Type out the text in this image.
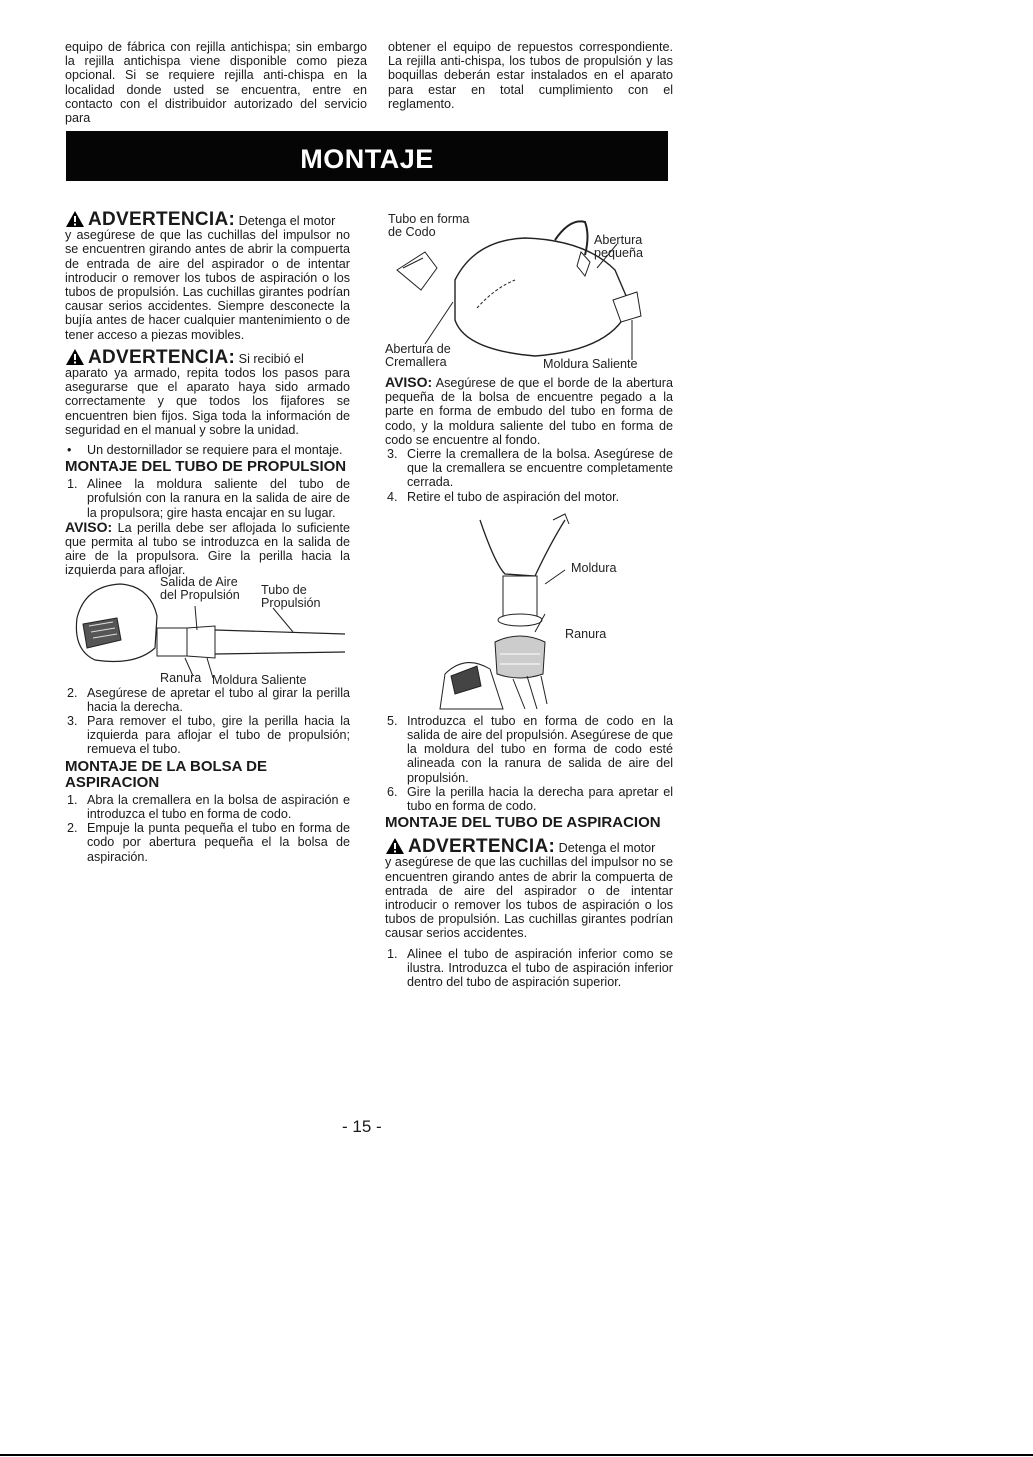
equipo de fábrica con rejilla antichispa; sin embargo la rejilla antichispa viene disponible como pieza opcional. Si se requiere rejilla anti-chispa en la localidad donde usted se encuentra, entre en contacto con el distribuidor autorizado del servicio para

obtener el equipo de repuestos correspondiente. La rejilla anti-chispa, los tubos de propulsión y las boquillas deberán estar instalados en el aparato para estar en total cumplimiento con el reglamento.

MONTAJE
ADVERTENCIA: Detenga el motor

y asegúrese de que las cuchillas del impulsor no se encuentren girando antes de abrir la compuerta de entrada de aire del aspirador o de intentar introducir o remover los tubos de aspiración o los tubos de propulsión. Las cuchillas girantes podrían causar serios accidentes. Siempre desconecte la bujía antes de hacer cualquier mantenimiento o de tener acceso a piezas movibles.

ADVERTENCIA: Si recibió el

aparato ya armado, repita todos los pasos para asegurarse que el aparato haya sido armado correctamente y que todos los fijafores se encuentren bien fijos. Siga toda la información de seguridad en el manual y sobre la unidad.

•	Un destornillador se requiere para el montaje.
MONTAJE DEL TUBO DE PROPULSION
1. Alinee la moldura saliente del tubo de profulsión con la ranura en la salida de aire de la propulsora; gire hasta encajar en su lugar.

AVISO: La perilla debe ser aflojada lo suficiente que permita al tubo se introduzca en la salida de aire de la propulsora. Gire la perilla hacia la izquierda para aflojar.

Salida de Aire
del Propulsión Tubo de
Propulsión
Ranura Moldura Saliente
2. Asegúrese de apretar el tubo al girar la perilla hacia la derecha.
3. Para remover el tubo, gire la perilla hacia la izquierda para aflojar el tubo de propulsión; remueva el tubo.
MONTAJE DE LA BOLSA DE ASPIRACION
1. Abra la cremallera en la bolsa de aspiración e introduzca el tubo en forma de codo.
2. Empuje la punta pequeña el tubo en forma de codo por abertura pequeña el la bolsa de aspiración.
Tubo en forma
de Codo
Abertura
pequeña
Abertura de
Cremallera	Moldura Saliente

AVISO: Asegúrese de que el borde de la abertura pequeña de la bolsa de encuentre pegado a la parte en forma de embudo del tubo en forma de codo, y la moldura saliente del tubo en forma de codo se encuentre al fondo.

3. Cierre la cremallera de la bolsa. Asegúrese de que la cremallera se encuentre completamente cerrada.
4. Retire el tubo de aspiración del motor.
Moldura
Ranura
5. Introduzca el tubo en forma de codo en la salida de aire del propulsión. Asegúrese de que la moldura del tubo en forma de codo esté alineada con la ranura de salida de aire del propulsión.
6. Gire la perilla hacia la derecha para apretar el tubo en forma de codo.
MONTAJE DEL TUBO DE ASPIRACION
ADVERTENCIA: Detenga el motor

y asegúrese de que las cuchillas del impulsor no se encuentren girando antes de abrir la compuerta de entrada de aire del aspirador o de intentar introducir o remover los tubos de aspiración o los tubos de propulsión. Las cuchillas girantes podrían causar serios accidentes.

1. Alinee el tubo de aspiración inferior como se ilustra. Introduzca el tubo de aspiración inferior dentro del tubo de aspiración superior.
- 15 -
